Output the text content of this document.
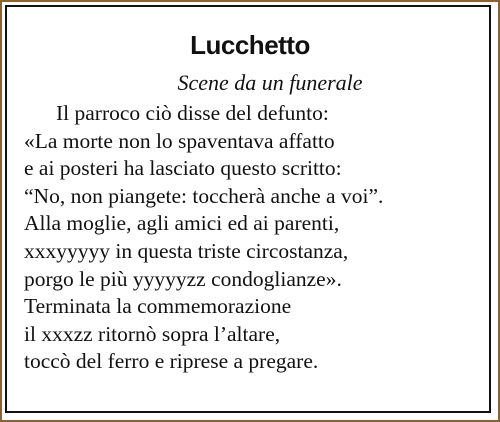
Lucchetto
Scene da un funerale
Il parroco ciò disse del defunto:
«La morte non lo spaventava affatto
e ai posteri ha lasciato questo scritto:
“No, non piangete: toccherà anche a voi”.
Alla moglie, agli amici ed ai parenti,
xxxyyyyy in questa triste circostanza,
porgo le più yyyyyzz condoglianze».
Terminata la commemorazione
il xxxzz ritornò sopra l’altare,
toccò del ferro e riprese a pregare.
